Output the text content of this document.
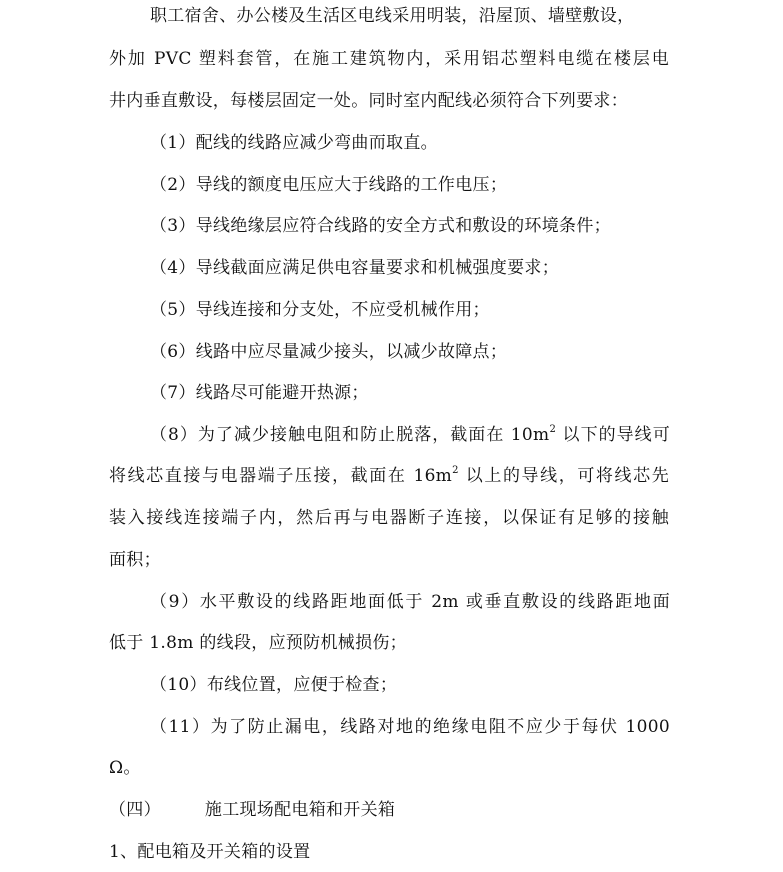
职工宿舍、办公楼及生活区电线采用明装，沿屋顶、墙壁敷设，
外加 PVC 塑料套管，在施工建筑物内，采用铝芯塑料电缆在楼层电
井内垂直敷设，每楼层固定一处。同时室内配线必须符合下列要求：
（1）配线的线路应减少弯曲而取直。
（2）导线的额度电压应大于线路的工作电压；
（3）导线绝缘层应符合线路的安全方式和敷设的环境条件；
（4）导线截面应满足供电容量要求和机械强度要求；
（5）导线连接和分支处，不应受机械作用；
（6）线路中应尽量减少接头，以减少故障点；
（7）线路尽可能避开热源；
（8）为了减少接触电阻和防止脱落，截面在 $10m^2$ 以下的导线可
将线芯直接与电器端子压接，截面在 $16m^2$ 以上的导线，可将线芯先
装入接线连接端子内，然后再与电器断子连接，以保证有足够的接触
面积；
（9）水平敷设的线路距地面低于 2m 或垂直敷设的线路距地面
低于 1.8m 的线段，应预防机械损伤；
（10）布线位置，应便于检查；
（11）为了防止漏电，线路对地的绝缘电阻不应少于每伏 1000
Ω。
（四）	施工现场配电箱和开关箱
1、配电箱及开关箱的设置
